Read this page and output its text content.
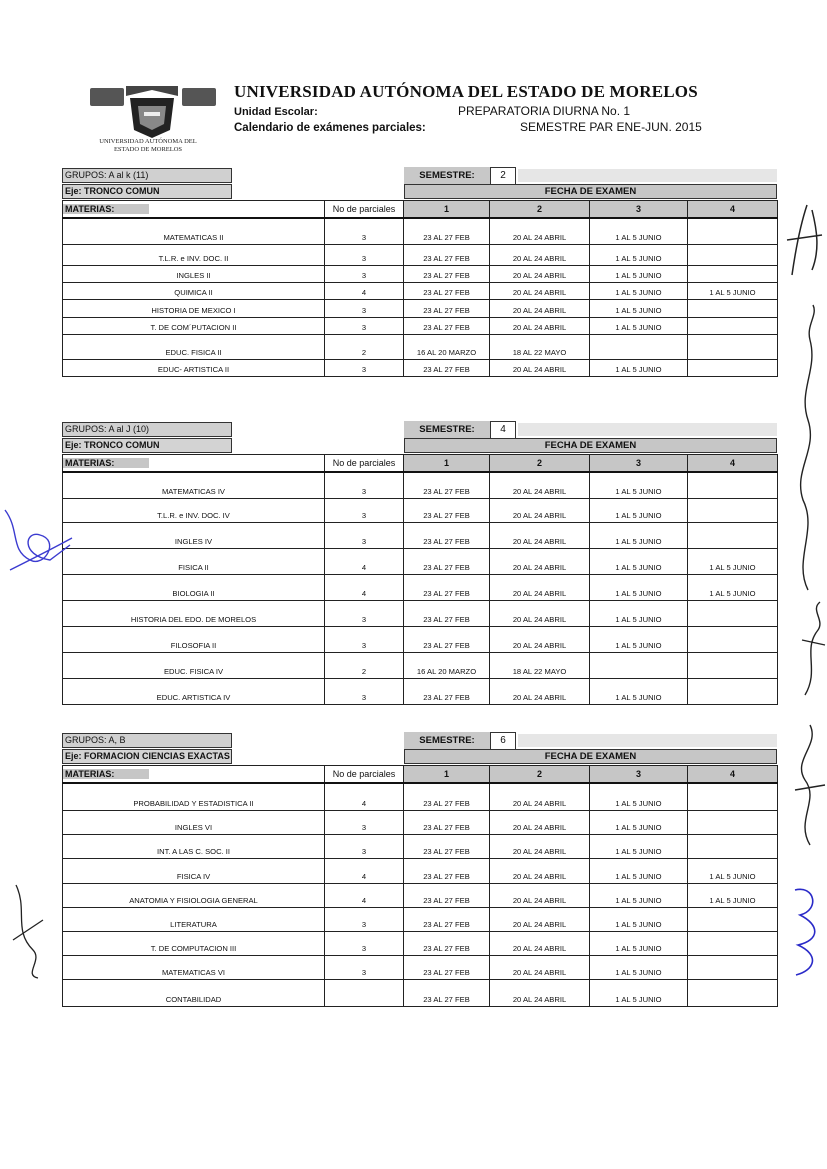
UNIVERSIDAD AUTÓNOMA DEL
ESTADO DE MORELOS
UNIVERSIDAD AUTÓNOMA DEL ESTADO DE MORELOS
Unidad Escolar:	PREPARATORIA DIURNA No. 1
Calendario de exámenes parciales:	SEMESTRE PAR ENE-JUN. 2015
GRUPOS: A al k (11)
Eje: TRONCO COMUN
SEMESTRE:	2
FECHA DE EXAMEN
MATERIAS:	No de parciales	1	2	3	4
MATEMATICAS II	3	23 AL 27 FEB	20 AL 24 ABRIL	1 AL 5 JUNIO	
T.L.R. e INV. DOC. II	3	23 AL 27 FEB	20 AL 24 ABRIL	1 AL 5 JUNIO	
INGLES II	3	23 AL 27 FEB	20 AL 24 ABRIL	1 AL 5 JUNIO	
QUIMICA II	4	23 AL 27 FEB	20 AL 24 ABRIL	1 AL 5 JUNIO	1 AL 5 JUNIO
HISTORIA DE MEXICO I	3	23 AL 27 FEB	20 AL 24 ABRIL	1 AL 5 JUNIO	
T. DE COM´PUTACION II	3	23 AL 27 FEB	20 AL 24 ABRIL	1 AL 5 JUNIO	
EDUC. FISICA II	2	16 AL 20 MARZO	18 AL 22 MAYO		
EDUC- ARTISTICA II	3	23 AL 27 FEB	20 AL 24 ABRIL	1 AL 5 JUNIO	
GRUPOS: A al J (10)
Eje: TRONCO COMUN
SEMESTRE:	4
FECHA DE EXAMEN
MATERIAS:	No de parciales	1	2	3	4
MATEMATICAS IV	3	23 AL 27 FEB	20 AL 24 ABRIL	1 AL 5 JUNIO	
T.L.R. e INV. DOC. IV	3	23 AL 27 FEB	20 AL 24 ABRIL	1 AL 5 JUNIO	
INGLES IV	3	23 AL 27 FEB	20 AL 24 ABRIL	1 AL 5 JUNIO	
FISICA II	4	23 AL 27 FEB	20 AL 24 ABRIL	1 AL 5 JUNIO	1 AL 5 JUNIO
BIOLOGIA II	4	23 AL 27 FEB	20 AL 24 ABRIL	1 AL 5 JUNIO	1 AL 5 JUNIO
HISTORIA DEL EDO. DE MORELOS	3	23 AL 27 FEB	20 AL 24 ABRIL	1 AL 5 JUNIO	
FILOSOFIA II	3	23 AL 27 FEB	20 AL 24 ABRIL	1 AL 5 JUNIO	
EDUC. FISICA IV	2	16 AL 20 MARZO	18 AL 22 MAYO		
EDUC. ARTISTICA IV	3	23 AL 27 FEB	20 AL 24 ABRIL	1 AL 5 JUNIO	
GRUPOS: A, B
Eje: FORMACION CIENCIAS EXACTAS
SEMESTRE:	6
FECHA DE EXAMEN
MATERIAS:	No de parciales	1	2	3	4
PROBABILIDAD Y ESTADISTICA II	4	23 AL 27 FEB	20 AL 24 ABRIL	1 AL 5 JUNIO	
INGLES VI	3	23 AL 27 FEB	20 AL 24 ABRIL	1 AL 5 JUNIO	
INT. A LAS C. SOC. II	3	23 AL 27 FEB	20 AL 24 ABRIL	1 AL 5 JUNIO	
FISICA IV	4	23 AL 27 FEB	20 AL 24 ABRIL	1 AL 5 JUNIO	1 AL 5 JUNIO
ANATOMIA Y FISIOLOGIA GENERAL	4	23 AL 27 FEB	20 AL 24 ABRIL	1 AL 5 JUNIO	1 AL 5 JUNIO
LITERATURA	3	23 AL 27 FEB	20 AL 24 ABRIL	1 AL 5 JUNIO	
T. DE COMPUTACION III	3	23 AL 27 FEB	20 AL 24 ABRIL	1 AL 5 JUNIO	
MATEMATICAS VI	3	23 AL 27 FEB	20 AL 24 ABRIL	1 AL 5 JUNIO	
CONTABILIDAD		23 AL 27 FEB	20 AL 24 ABRIL	1 AL 5 JUNIO	
